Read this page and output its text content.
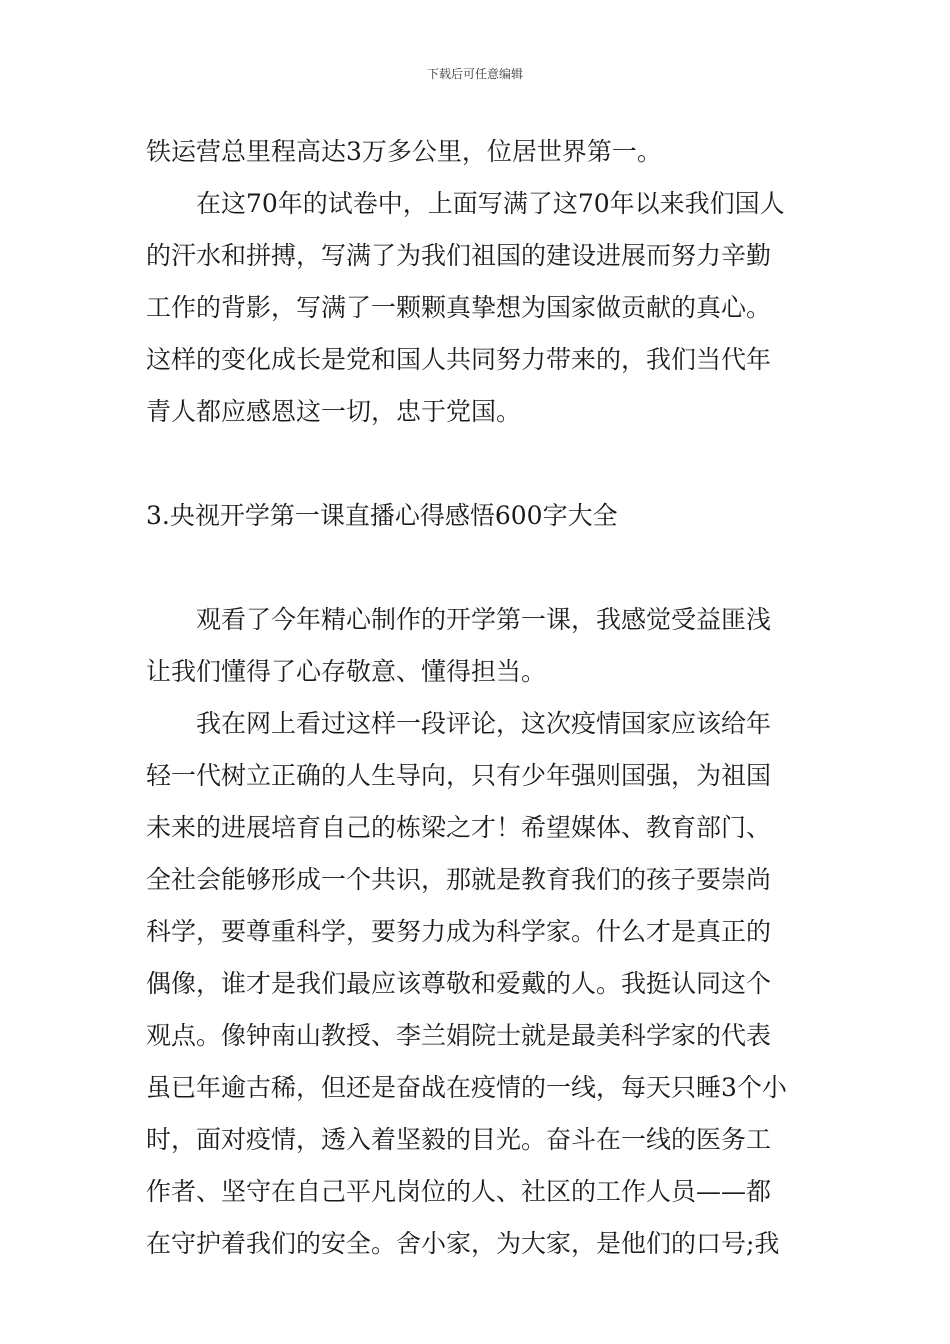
下载后可任意编辑
铁运营总里程高达3万多公里，位居世界第一。
在这70年的试卷中，上面写满了这70年以来我们国人
的汗水和拼搏，写满了为我们祖国的建设进展而努力辛勤
工作的背影，写满了一颗颗真挚想为国家做贡献的真心。
这样的变化成长是党和国人共同努力带来的，我们当代年
青人都应感恩这一切，忠于党国。
3.央视开学第一课直播心得感悟600字大全
观看了今年精心制作的开学第一课，我感觉受益匪浅
让我们懂得了心存敬意、懂得担当。
我在网上看过这样一段评论，这次疫情国家应该给年
轻一代树立正确的人生导向，只有少年强则国强，为祖国
未来的进展培育自己的栋梁之才！希望媒体、教育部门、
全社会能够形成一个共识，那就是教育我们的孩子要崇尚
科学，要尊重科学，要努力成为科学家。什么才是真正的
偶像，谁才是我们最应该尊敬和爱戴的人。我挺认同这个
观点。像钟南山教授、李兰娟院士就是最美科学家的代表
虽已年逾古稀，但还是奋战在疫情的一线，每天只睡3个小
时，面对疫情，透入着坚毅的目光。奋斗在一线的医务工
作者、坚守在自己平凡岗位的人、社区的工作人员——都
在守护着我们的安全。舍小家，为大家，是他们的口号;我
